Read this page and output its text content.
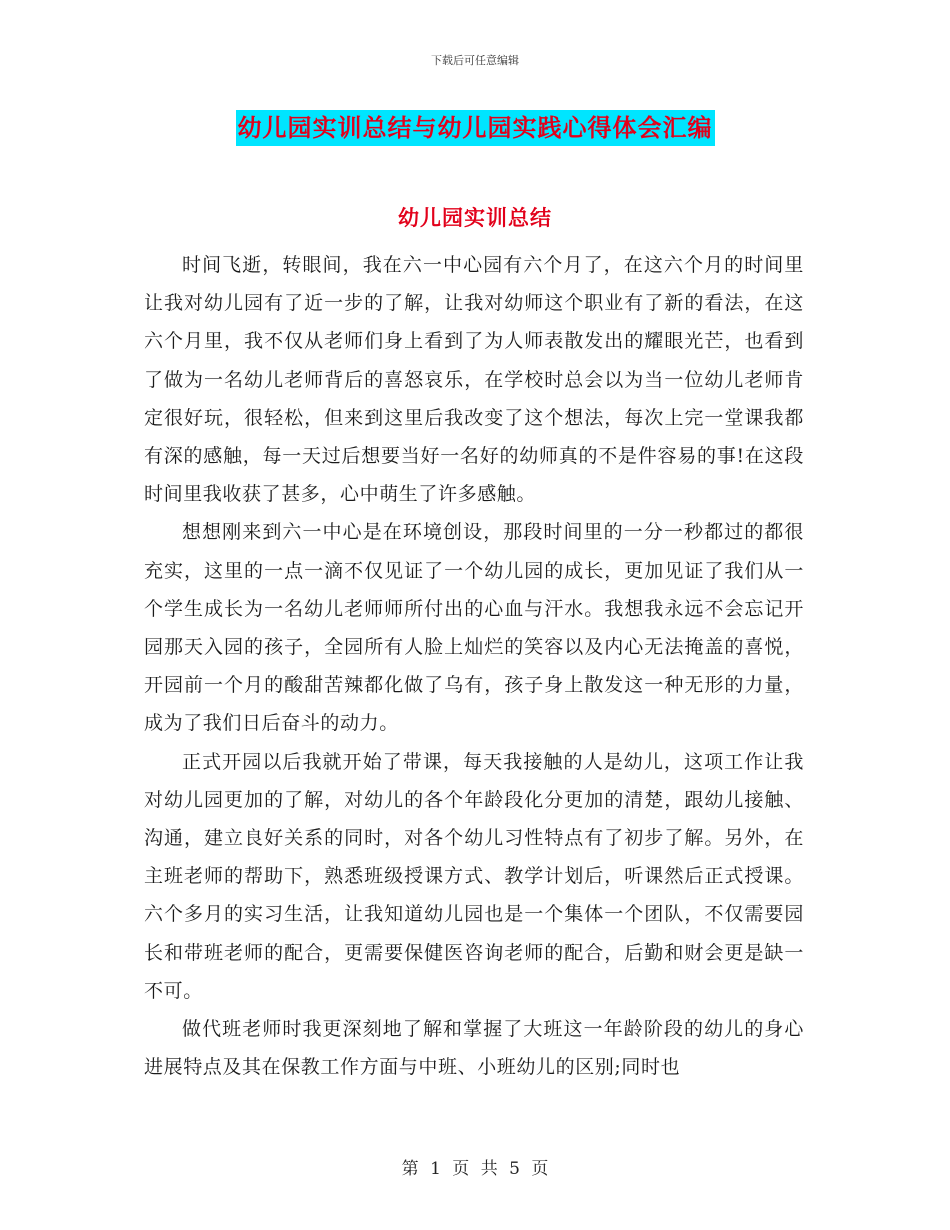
下载后可任意编辑
幼儿园实训总结与幼儿园实践心得体会汇编
幼儿园实训总结

时间飞逝，转眼间，我在六一中心园有六个月了，在这六个月的时间里让我对幼儿园有了近一步的了解，让我对幼师这个职业有了新的看法，在这六个月里，我不仅从老师们身上看到了为人师表散发出的耀眼光芒，也看到了做为一名幼儿老师背后的喜怒哀乐，在学校时总会以为当一位幼儿老师肯定很好玩，很轻松，但来到这里后我改变了这个想法，每次上完一堂课我都有深的感触，每一天过后想要当好一名好的幼师真的不是件容易的事!在这段时间里我收获了甚多，心中萌生了许多感触。

想想刚来到六一中心是在环境创设，那段时间里的一分一秒都过的都很充实，这里的一点一滴不仅见证了一个幼儿园的成长，更加见证了我们从一个学生成长为一名幼儿老师师所付出的心血与汗水。我想我永远不会忘记开园那天入园的孩子，全园所有人脸上灿烂的笑容以及内心无法掩盖的喜悦，开园前一个月的酸甜苦辣都化做了乌有，孩子身上散发这一种无形的力量，成为了我们日后奋斗的动力。

正式开园以后我就开始了带课，每天我接触的人是幼儿，这项工作让我对幼儿园更加的了解，对幼儿的各个年龄段化分更加的清楚，跟幼儿接触、沟通，建立良好关系的同时，对各个幼儿习性特点有了初步了解。另外，在主班老师的帮助下，熟悉班级授课方式、教学计划后，听课然后正式授课。六个多月的实习生活，让我知道幼儿园也是一个集体一个团队，不仅需要园长和带班老师的配合，更需要保健医咨询老师的配合，后勤和财会更是缺一不可。

做代班老师时我更深刻地了解和掌握了大班这一年龄阶段的幼儿的身心进展特点及其在保教工作方面与中班、小班幼儿的区别;同时也

第 1 页 共 5 页
